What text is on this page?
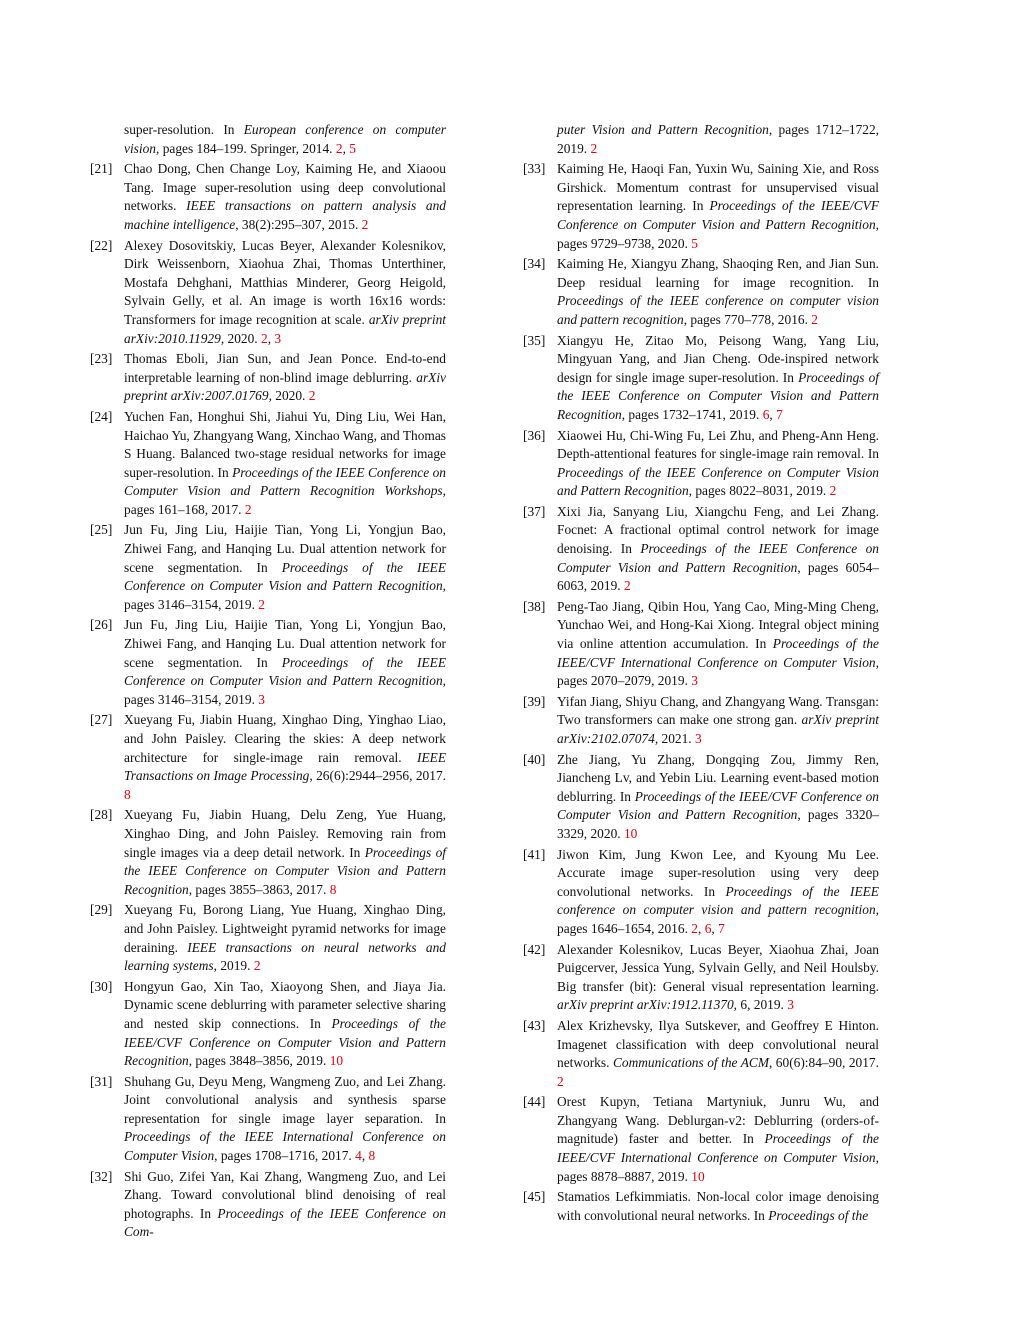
super-resolution. In European conference on computer vision, pages 184–199. Springer, 2014. 2, 5
[21] Chao Dong, Chen Change Loy, Kaiming He, and Xiaoou Tang. Image super-resolution using deep convolutional networks. IEEE transactions on pattern analysis and machine intelligence, 38(2):295–307, 2015. 2
[22] Alexey Dosovitskiy, Lucas Beyer, Alexander Kolesnikov, Dirk Weissenborn, Xiaohua Zhai, Thomas Unterthiner, Mostafa Dehghani, Matthias Minderer, Georg Heigold, Sylvain Gelly, et al. An image is worth 16x16 words: Transformers for image recognition at scale. arXiv preprint arXiv:2010.11929, 2020. 2, 3
[23] Thomas Eboli, Jian Sun, and Jean Ponce. End-to-end interpretable learning of non-blind image deblurring. arXiv preprint arXiv:2007.01769, 2020. 2
[24] Yuchen Fan, Honghui Shi, Jiahui Yu, Ding Liu, Wei Han, Haichao Yu, Zhangyang Wang, Xinchao Wang, and Thomas S Huang. Balanced two-stage residual networks for image super-resolution. In Proceedings of the IEEE Conference on Computer Vision and Pattern Recognition Workshops, pages 161–168, 2017. 2
[25] Jun Fu, Jing Liu, Haijie Tian, Yong Li, Yongjun Bao, Zhiwei Fang, and Hanqing Lu. Dual attention network for scene segmentation. In Proceedings of the IEEE Conference on Computer Vision and Pattern Recognition, pages 3146–3154, 2019. 2
[26] Jun Fu, Jing Liu, Haijie Tian, Yong Li, Yongjun Bao, Zhiwei Fang, and Hanqing Lu. Dual attention network for scene segmentation. In Proceedings of the IEEE Conference on Computer Vision and Pattern Recognition, pages 3146–3154, 2019. 3
[27] Xueyang Fu, Jiabin Huang, Xinghao Ding, Yinghao Liao, and John Paisley. Clearing the skies: A deep network architecture for single-image rain removal. IEEE Transactions on Image Processing, 26(6):2944–2956, 2017. 8
[28] Xueyang Fu, Jiabin Huang, Delu Zeng, Yue Huang, Xinghao Ding, and John Paisley. Removing rain from single images via a deep detail network. In Proceedings of the IEEE Conference on Computer Vision and Pattern Recognition, pages 3855–3863, 2017. 8
[29] Xueyang Fu, Borong Liang, Yue Huang, Xinghao Ding, and John Paisley. Lightweight pyramid networks for image deraining. IEEE transactions on neural networks and learning systems, 2019. 2
[30] Hongyun Gao, Xin Tao, Xiaoyong Shen, and Jiaya Jia. Dynamic scene deblurring with parameter selective sharing and nested skip connections. In Proceedings of the IEEE/CVF Conference on Computer Vision and Pattern Recognition, pages 3848–3856, 2019. 10
[31] Shuhang Gu, Deyu Meng, Wangmeng Zuo, and Lei Zhang. Joint convolutional analysis and synthesis sparse representation for single image layer separation. In Proceedings of the IEEE International Conference on Computer Vision, pages 1708–1716, 2017. 4, 8
[32] Shi Guo, Zifei Yan, Kai Zhang, Wangmeng Zuo, and Lei Zhang. Toward convolutional blind denoising of real photographs. In Proceedings of the IEEE Conference on Com-
puter Vision and Pattern Recognition, pages 1712–1722, 2019. 2
[33] Kaiming He, Haoqi Fan, Yuxin Wu, Saining Xie, and Ross Girshick. Momentum contrast for unsupervised visual representation learning. In Proceedings of the IEEE/CVF Conference on Computer Vision and Pattern Recognition, pages 9729–9738, 2020. 5
[34] Kaiming He, Xiangyu Zhang, Shaoqing Ren, and Jian Sun. Deep residual learning for image recognition. In Proceedings of the IEEE conference on computer vision and pattern recognition, pages 770–778, 2016. 2
[35] Xiangyu He, Zitao Mo, Peisong Wang, Yang Liu, Mingyuan Yang, and Jian Cheng. Ode-inspired network design for single image super-resolution. In Proceedings of the IEEE Conference on Computer Vision and Pattern Recognition, pages 1732–1741, 2019. 6, 7
[36] Xiaowei Hu, Chi-Wing Fu, Lei Zhu, and Pheng-Ann Heng. Depth-attentional features for single-image rain removal. In Proceedings of the IEEE Conference on Computer Vision and Pattern Recognition, pages 8022–8031, 2019. 2
[37] Xixi Jia, Sanyang Liu, Xiangchu Feng, and Lei Zhang. Focnet: A fractional optimal control network for image denoising. In Proceedings of the IEEE Conference on Computer Vision and Pattern Recognition, pages 6054–6063, 2019. 2
[38] Peng-Tao Jiang, Qibin Hou, Yang Cao, Ming-Ming Cheng, Yunchao Wei, and Hong-Kai Xiong. Integral object mining via online attention accumulation. In Proceedings of the IEEE/CVF International Conference on Computer Vision, pages 2070–2079, 2019. 3
[39] Yifan Jiang, Shiyu Chang, and Zhangyang Wang. Transgan: Two transformers can make one strong gan. arXiv preprint arXiv:2102.07074, 2021. 3
[40] Zhe Jiang, Yu Zhang, Dongqing Zou, Jimmy Ren, Jiancheng Lv, and Yebin Liu. Learning event-based motion deblurring. In Proceedings of the IEEE/CVF Conference on Computer Vision and Pattern Recognition, pages 3320–3329, 2020. 10
[41] Jiwon Kim, Jung Kwon Lee, and Kyoung Mu Lee. Accurate image super-resolution using very deep convolutional networks. In Proceedings of the IEEE conference on computer vision and pattern recognition, pages 1646–1654, 2016. 2, 6, 7
[42] Alexander Kolesnikov, Lucas Beyer, Xiaohua Zhai, Joan Puigcerver, Jessica Yung, Sylvain Gelly, and Neil Houlsby. Big transfer (bit): General visual representation learning. arXiv preprint arXiv:1912.11370, 6, 2019. 3
[43] Alex Krizhevsky, Ilya Sutskever, and Geoffrey E Hinton. Imagenet classification with deep convolutional neural networks. Communications of the ACM, 60(6):84–90, 2017. 2
[44] Orest Kupyn, Tetiana Martyniuk, Junru Wu, and Zhangyang Wang. Deblurgan-v2: Deblurring (orders-of-magnitude) faster and better. In Proceedings of the IEEE/CVF International Conference on Computer Vision, pages 8878–8887, 2019. 10
[45] Stamatios Lefkimmiatis. Non-local color image denoising with convolutional neural networks. In Proceedings of the
